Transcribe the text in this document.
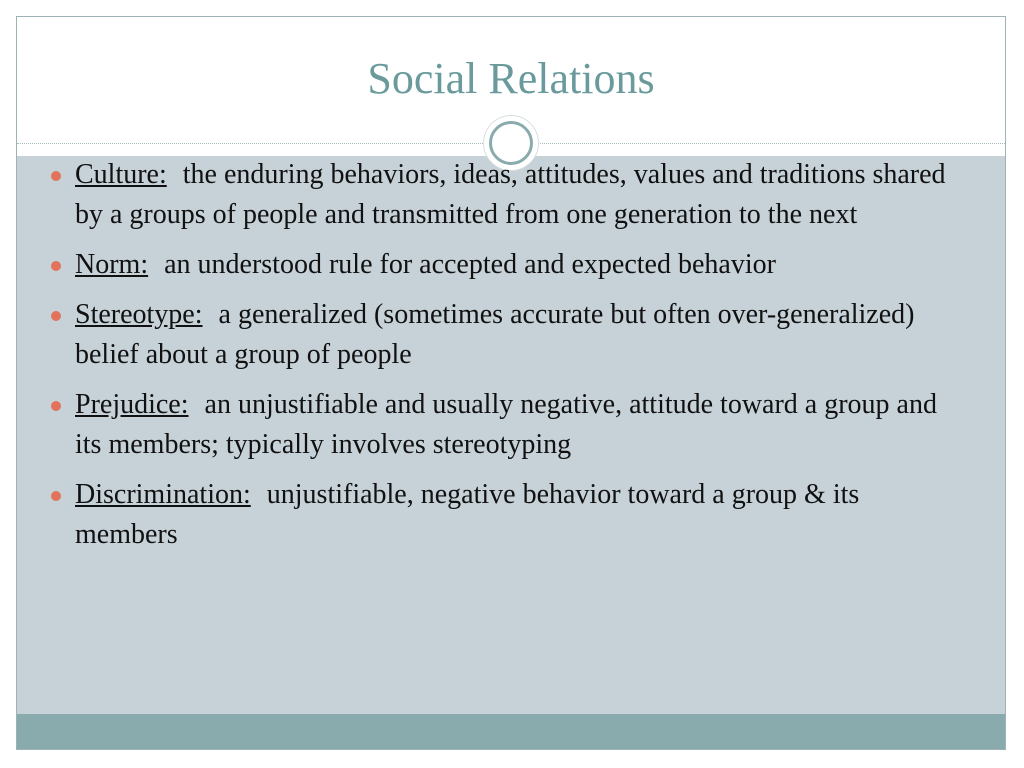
Social Relations
Culture: the enduring behaviors, ideas, attitudes, values and traditions shared by a groups of people and transmitted from one generation to the next
Norm: an understood rule for accepted and expected behavior
Stereotype: a generalized (sometimes accurate but often over-generalized) belief about a group of people
Prejudice: an unjustifiable and usually negative, attitude toward a group and its members; typically involves stereotyping
Discrimination: unjustifiable, negative behavior toward a group & its members
